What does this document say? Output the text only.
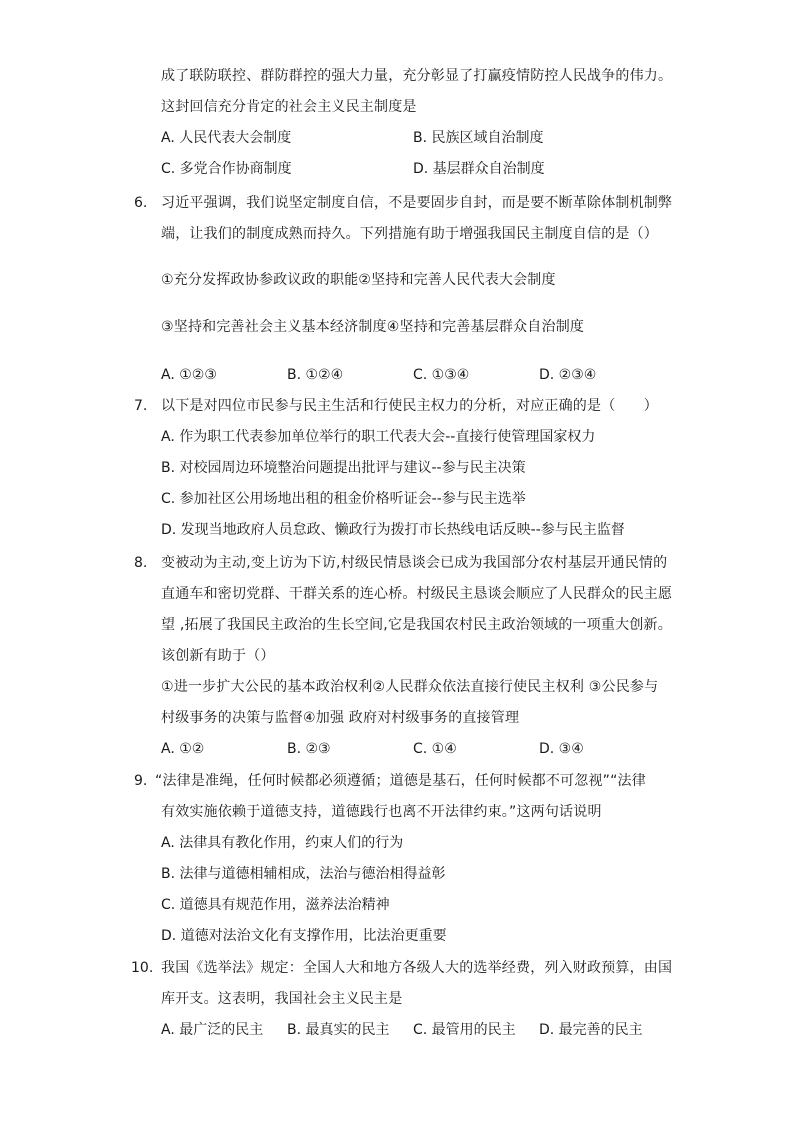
成了联防联控、群防群控的强大力量，充分彰显了打赢疫情防控人民战争的伟力。
这封回信充分肯定的社会主义民主制度是
A. 人民代表大会制度	B. 民族区域自治制度
C. 多党合作协商制度	D. 基层群众自治制度
6. 习近平强调，我们说坚定制度自信，不是要固步自封，而是要不断革除体制机制弊
端，让我们的制度成熟而持久。下列措施有助于增强我国民主制度自信的是（）
①充分发挥政协参政议政的职能②坚持和完善人民代表大会制度
③坚持和完善社会主义基本经济制度④坚持和完善基层群众自治制度
A. ①②③	B. ①②④	C. ①③④	D. ②③④
7. 以下是对四位市民参与民主生活和行使民主权力的分析，对应正确的是（　　）
A. 作为职工代表参加单位举行的职工代表大会--直接行使管理国家权力
B. 对校园周边环境整治问题提出批评与建议--参与民主决策
C. 参加社区公用场地出租的租金价格听证会--参与民主选举
D. 发现当地政府人员怠政、懒政行为拨打市长热线电话反映--参与民主监督
8. 变被动为主动,变上访为下访,村级民情恳谈会已成为我国部分农村基层开通民情的
直通车和密切党群、干群关系的连心桥。村级民主恳谈会顺应了人民群众的民主愿
望 ,拓展了我国民主政治的生长空间,它是我国农村民主政治领域的一项重大创新。
该创新有助于（）
①进一步扩大公民的基本政治权利②人民群众依法直接行使民主权利 ③公民参与
村级事务的决策与监督④加强 政府对村级事务的直接管理
A. ①②	B. ②③	C. ①④	D. ③④
9. “法律是准绳，任何时候都必须遵循；道德是基石，任何时候都不可忽视”“法律
有效实施依赖于道德支持，道德践行也离不开法律约束。”这两句话说明
A. 法律具有教化作用，约束人们的行为
B. 法律与道德相辅相成，法治与德治相得益彰
C. 道德具有规范作用，滋养法治精神
D. 道德对法治文化有支撑作用，比法治更重要
10. 我国《选举法》规定：全国人大和地方各级人大的选举经费，列入财政预算，由国
库开支。这表明，我国社会主义民主是
A. 最广泛的民主 B. 最真实的民主 C. 最管用的民主 D. 最完善的民主
